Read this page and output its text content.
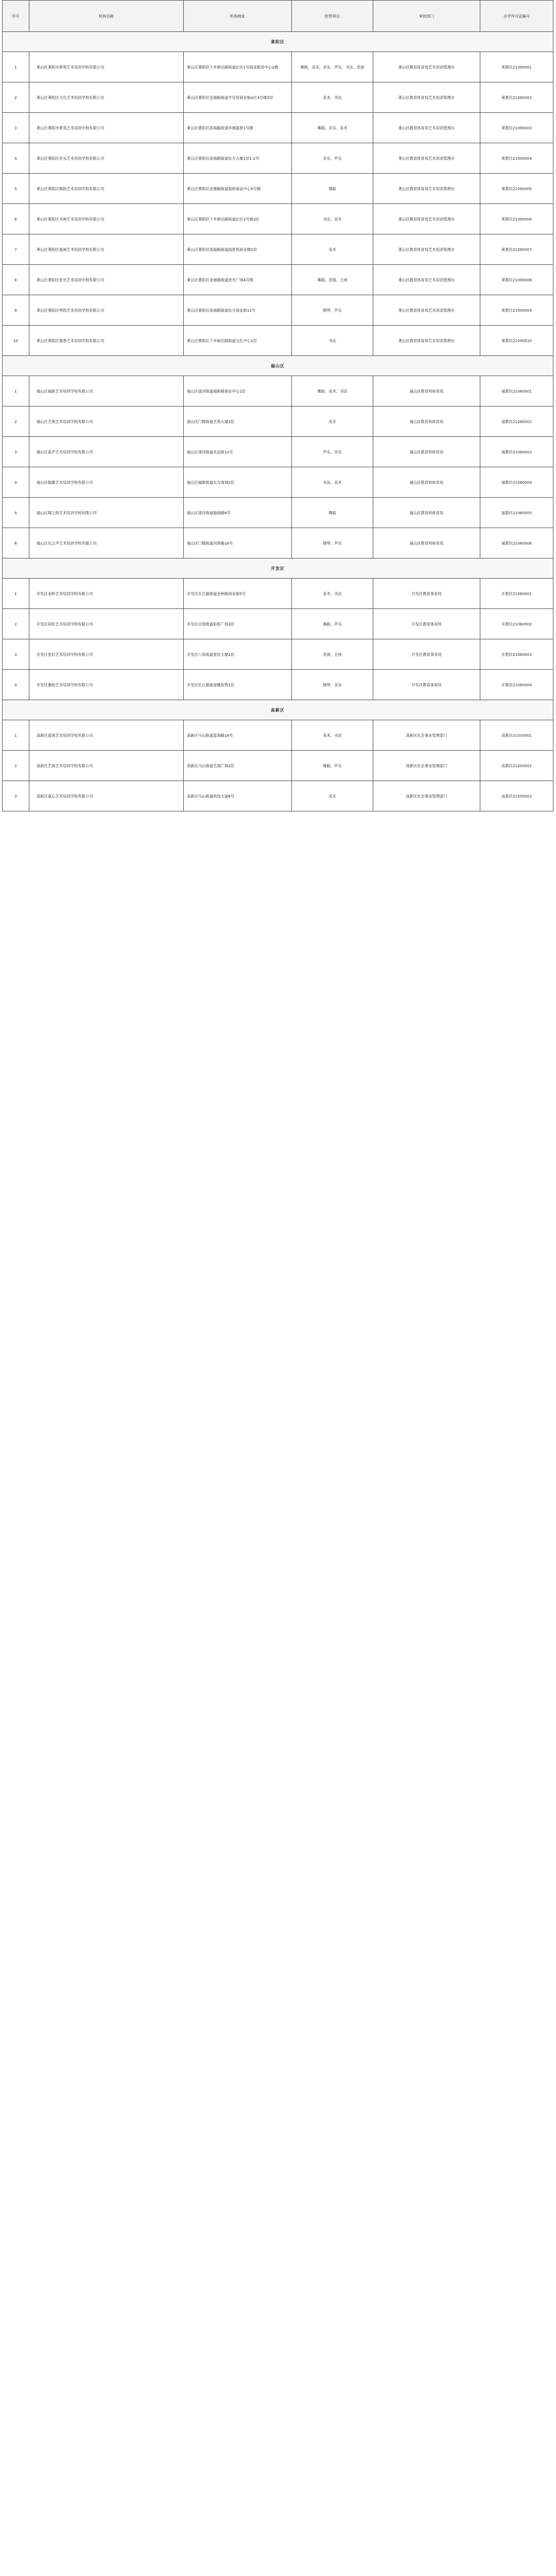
序号	机构名称	机构地址	经营项目	审批部门	办学许可证编号
莱阳区					
1	莱山区莱阳市翠苑艺术培训学校有限公司	莱山区莱阳区下乡新区路街道社区1号商业服务中心2楼	舞蹈、美术、音乐、声乐、书法、表演	莱山区教育体育局艺术培训管理办	莱教民21090001
2	莱山区莱阳区文化艺术培训学校有限公司	莱山区莱阳区金港路街道平安府商业街A区3号楼2层	美术、书法	莱山区教育体育局艺术培训管理办	莱教民21090002
3	莱山区莱阳市菁英艺术培训学校有限公司	莱山区莱阳区滨海路街道华城盛景1号楼	舞蹈、音乐、美术	莱山区教育体育局艺术培训管理办	莱教民21090003
4	莱山区莱阳区音乐艺术培训学校有限公司	莱山区莱阳区滨海路街道东方大厦1层1-2号	音乐、声乐	莱山区教育体育局艺术培训管理办	莱教民21090004
5	莱山区莱阳区舞韵艺术培训学校有限公司	莱山区莱阳区金港路街道泰和商业中心5号楼	舞蹈	莱山区教育体育局艺术培训管理办	莱教民21090005
6	莱山区莱阳区书画艺术培训学校有限公司	莱山区莱阳区下乡新区路街道社区2号楼3层	书法、美术	莱山区教育体育局艺术培训管理办	莱教民21090006
7	莱山区莱阳区童画艺术培训学校有限公司	莱山区莱阳区滨海路街道海景苑商业楼2层	美术	莱山区教育体育局艺术培训管理办	莱教民21090007
8	莱山区莱阳区星光艺术培训学校有限公司	莱山区莱阳区金港路街道星光广场4号楼	舞蹈、表演、主持	莱山区教育体育局艺术培训管理办	莱教民21090008
9	莱山区莱阳区琴韵艺术培训学校有限公司	莱山区莱阳区滨海路街道东方商业街12号	钢琴、声乐	莱山区教育体育局艺术培训管理办	莱教民21090009
10	莱山区莱阳区墨香艺术培训学校有限公司	莱山区莱阳区下乡新区路街道文化中心1层	书法	莱山区教育体育局艺术培训管理办	莱教民21090010
福山区					
1	福山区福新艺术培训学校有限公司	福山区清洋街道福新路商业中心2层	舞蹈、美术、书法	福山区教育和体育局	福教民21080001
2	福山区艺苑艺术培训学校有限公司	福山区门楼街道艺苑大厦3层	美术	福山区教育和体育局	福教民21080002
3	福山区童声艺术培训学校有限公司	福山区清洋街道永达街12号	声乐、音乐	福山区教育和体育局	福教民21080003
4	福山区翰墨艺术培训学校有限公司	福山区福新街道东方商城2层	书法、美术	福山区教育和体育局	福教民21080004
5	福山区舞之韵艺术培训学校有限公司	福山区清洋街道福海路8号	舞蹈	福山区教育和体育局	福教民21080005
6	福山区乐之声艺术培训学校有限公司	福山区门楼街道河滨路16号	钢琴、声乐	福山区教育和体育局	福教民21080006
开发区					
1	开发区金桥艺术培训学校有限公司	开发区长江路街道金桥路商业街5号	美术、书法	开发区教育体育局	开教民21060001
2	开发区彩虹艺术培训学校有限公司	开发区古现街道彩虹广场3层	舞蹈、声乐	开发区教育体育局	开教民21060002
3	开发区星辰艺术培训学校有限公司	开发区八角街道星辰大厦2层	表演、主持	开发区教育体育局	开教民21060003
4	开发区雅韵艺术培训学校有限公司	开发区长江路街道雅韵苑1层	钢琴、音乐	开发区教育体育局	开教民21060004
高新区					
1	高新区蓝海艺术培训学校有限公司	高新区马山街道蓝海路18号	美术、书法	高新区社会事业管理部门	高教民21050001
2	高新区艺海艺术培训学校有限公司	高新区马山街道艺海广场2层	舞蹈、声乐	高新区社会事业管理部门	高教民21050002
3	高新区童心艺术培训学校有限公司	高新区马山街道科技大道6号	美术	高新区社会事业管理部门	高教民21050003
